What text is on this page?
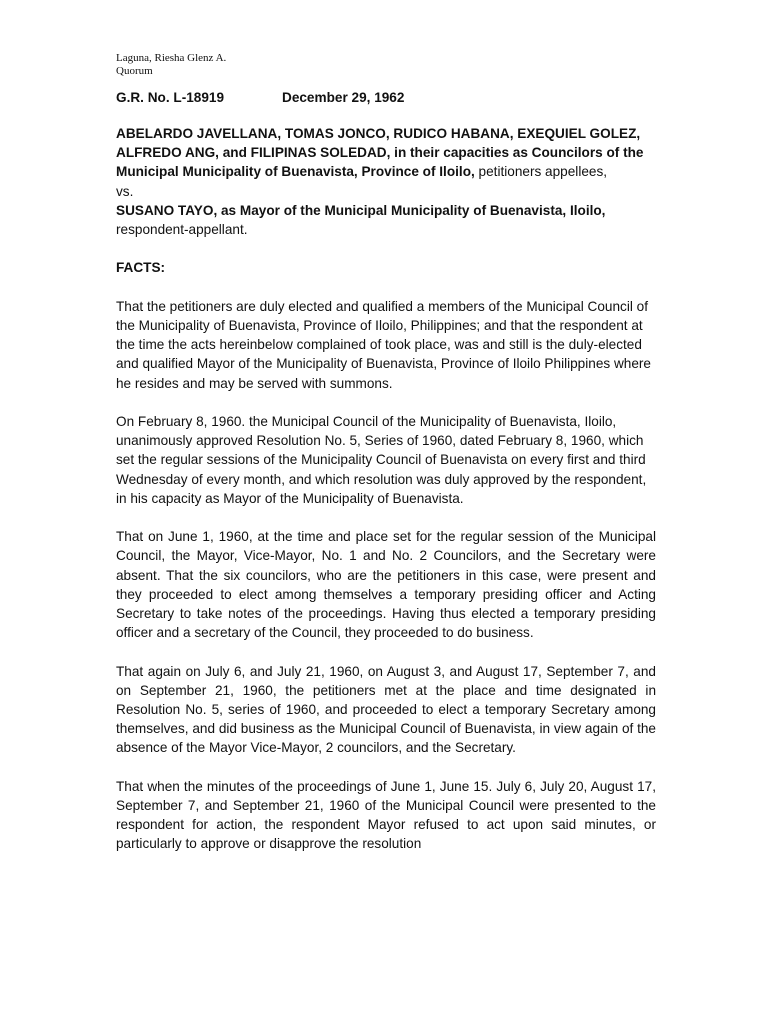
Laguna, Riesha Glenz A.
Quorum
G.R. No. L-18919	December 29, 1962

ABELARDO JAVELLANA, TOMAS JONCO, RUDICO HABANA, EXEQUIEL GOLEZ, ALFREDO ANG, and FILIPINAS SOLEDAD, in their capacities as Councilors of the Municipal Municipality of Buenavista, Province of Iloilo, petitioners appellees,

vs.

SUSANO TAYO, as Mayor of the Municipal Municipality of Buenavista, Iloilo, respondent-appellant.

FACTS:

That the petitioners are duly elected and qualified a members of the Municipal Council of the Municipality of Buenavista, Province of Iloilo, Philippines; and that the respondent at the time the acts hereinbelow complained of took place, was and still is the duly-elected and qualified Mayor of the Municipality of Buenavista, Province of Iloilo Philippines where he resides and may be served with summons.

On February 8, 1960. the Municipal Council of the Municipality of Buenavista, Iloilo, unanimously approved Resolution No. 5, Series of 1960, dated February 8, 1960, which set the regular sessions of the Municipality Council of Buenavista on every first and third Wednesday of every month, and which resolution was duly approved by the respondent, in his capacity as Mayor of the Municipality of Buenavista.

That on June 1, 1960, at the time and place set for the regular session of the Municipal Council, the Mayor, Vice-Mayor, No. 1 and No. 2 Councilors, and the Secretary were absent. That the six councilors, who are the petitioners in this case, were present and they proceeded to elect among themselves a temporary presiding officer and Acting Secretary to take notes of the proceedings. Having thus elected a temporary presiding officer and a secretary of the Council, they proceeded to do business.

That again on July 6, and July 21, 1960, on August 3, and August 17, September 7, and on September 21, 1960, the petitioners met at the place and time designated in Resolution No. 5, series of 1960, and proceeded to elect a temporary Secretary among themselves, and did business as the Municipal Council of Buenavista, in view again of the absence of the Mayor Vice-Mayor, 2 councilors, and the Secretary.

That when the minutes of the proceedings of June 1, June 15. July 6, July 20, August 17, September 7, and September 21, 1960 of the Municipal Council were presented to the respondent for action, the respondent Mayor refused to act upon said minutes, or particularly to approve or disapprove the resolution
